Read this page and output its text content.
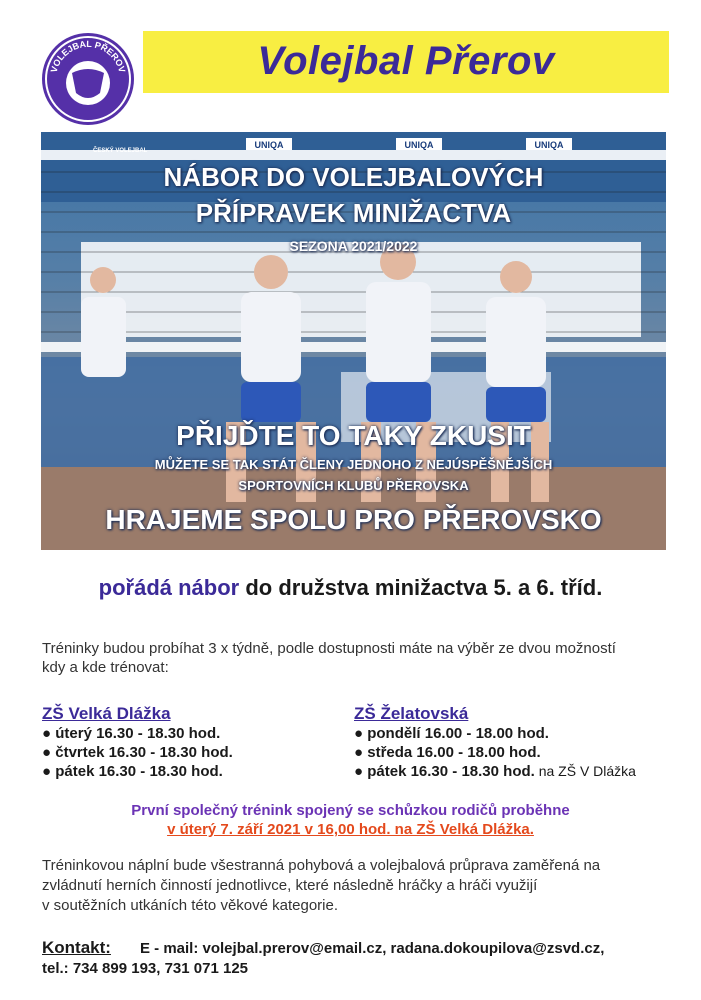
VOLEJBAL PŘEROV	Volejbal Přerov
UNIQA	UNIQA	UNIQA
ČESKÝ VOLEJBAL
NÁBOR DO VOLEJBALOVÝCH
PŘÍPRAVEK MINIŽACTVA
SEZONA 2021/2022
PŘIJĎTE TO TAKY ZKUSIT
MŮŽETE SE TAK STÁT ČLENY JEDNOHO Z NEJÚSPĚŠNĚJŠÍCH
SPORTOVNÍCH KLUBŮ PŘEROVSKA
HRAJEME SPOLU PRO PŘEROVSKO
pořádá nábor do družstva minižactva 5. a 6. tříd.
Tréninky budou probíhat 3 x týdně, podle dostupnosti máte na výběr ze dvou možností
kdy a kde trénovat:
ZŠ Velká Dlážka
● úterý 16.30 - 18.30 hod.
● čtvrtek 16.30 - 18.30 hod.
● pátek 16.30 - 18.30 hod.
ZŠ Želatovská
● pondělí 16.00 - 18.00 hod.
● středa 16.00 - 18.00 hod.
● pátek 16.30 - 18.30 hod. na ZŠ V Dlážka
První společný trénink spojený se schůzkou rodičů proběhne
v úterý 7. září 2021 v 16,00 hod. na ZŠ Velká Dlážka.
Tréninkovou náplní bude všestranná pohybová a volejbalová průprava zaměřená na
zvládnutí herních činností jednotlivce, které následně hráčky a hráči využijí
v soutěžních utkáních této věkové kategorie.
Kontakt: E - mail: volejbal.prerov@email.cz, radana.dokoupilova@zsvd.cz,
tel.: 734 899 193, 731 071 125
